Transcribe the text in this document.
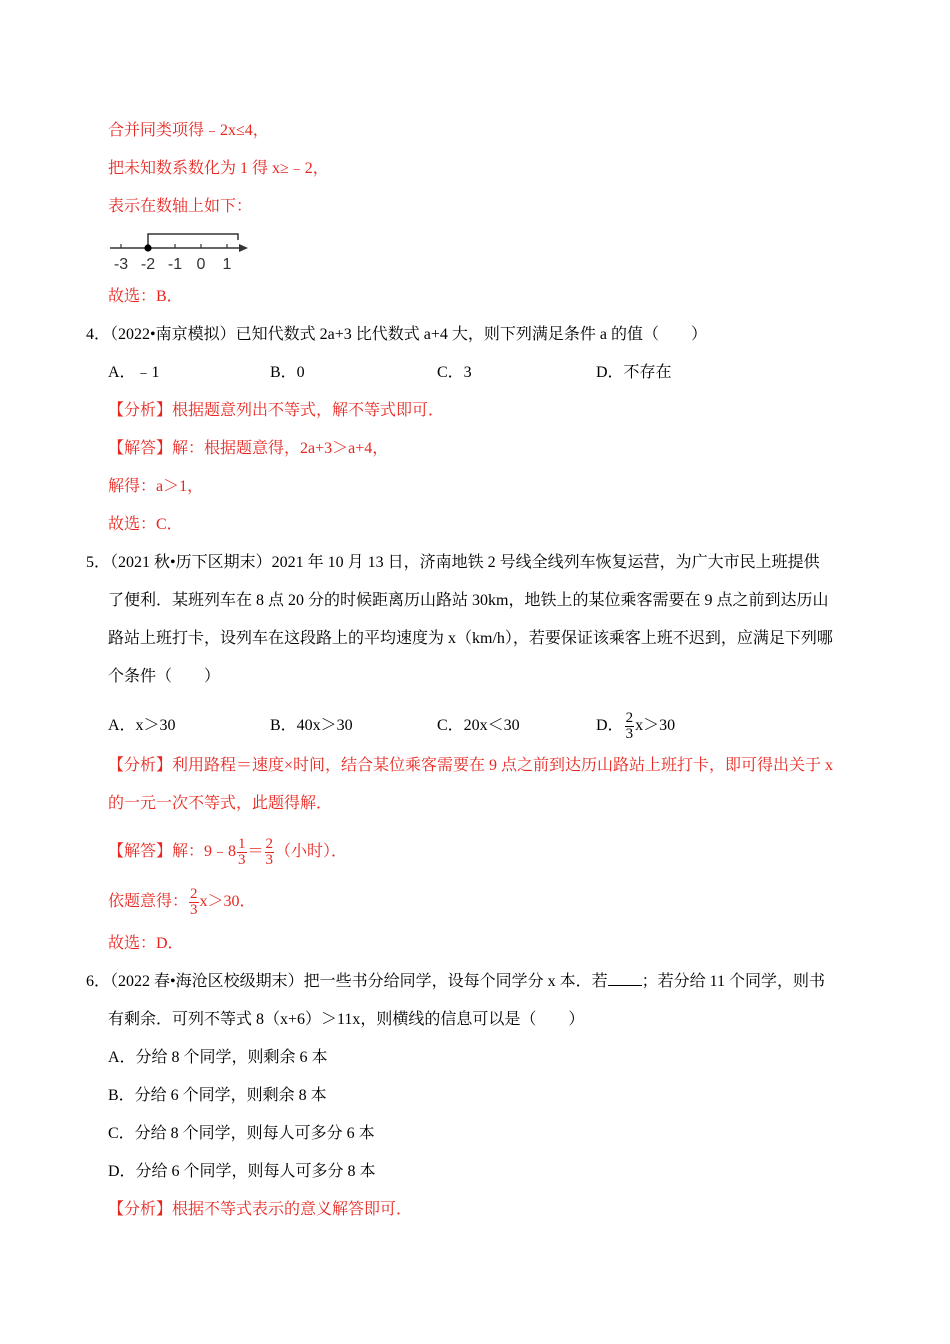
合并同类项得﹣2x≤4，
把未知数系数化为 1 得 x≥﹣2，
表示在数轴上如下：
-3 -2 -1 0 1
故选：B．
4．（2022•南京模拟）已知代数式 2a+3 比代数式 a+4 大，则下列满足条件 a 的值（　　）
A．﹣1	B．0	C．3	D．不存在
【分析】根据题意列出不等式，解不等式即可．
【解答】解：根据题意得，2a+3＞a+4，
解得：a＞1，
故选：C．
5．（2021 秋•历下区期末）2021 年 10 月 13 日，济南地铁 2 号线全线列车恢复运营，为广大市民上班提供
了便利．某班列车在 8 点 20 分的时候距离历山路站 30km，地铁上的某位乘客需要在 9 点之前到达历山
路站上班打卡，设列车在这段路上的平均速度为 x（km/h），若要保证该乘客上班不迟到，应满足下列哪
个条件（　　）
A．x＞30	B．40x＞30	C．20x＜30	D． $\frac{2}{3} x>30$
【分析】利用路程＝速度×时间，结合某位乘客需要在 9 点之前到达历山路站上班打卡，即可得出关于 x
的一元一次不等式，此题得解．
【解答】解：9﹣8 $\frac{1}{3} = \frac{2}{3}$ （小时）．
依题意得： $\frac{2}{3} x>30$．
故选：D．
6．（2022 春•海沧区校级期末）把一些书分给同学，设每个同学分 x 本．若 ；若分给 11 个同学，则书
有剩余．可列不等式 8（x+6）＞11x，则横线的信息可以是（　　）
A．分给 8 个同学，则剩余 6 本
B．分给 6 个同学，则剩余 8 本
C．分给 8 个同学，则每人可多分 6 本
D．分给 6 个同学，则每人可多分 8 本
【分析】根据不等式表示的意义解答即可．
